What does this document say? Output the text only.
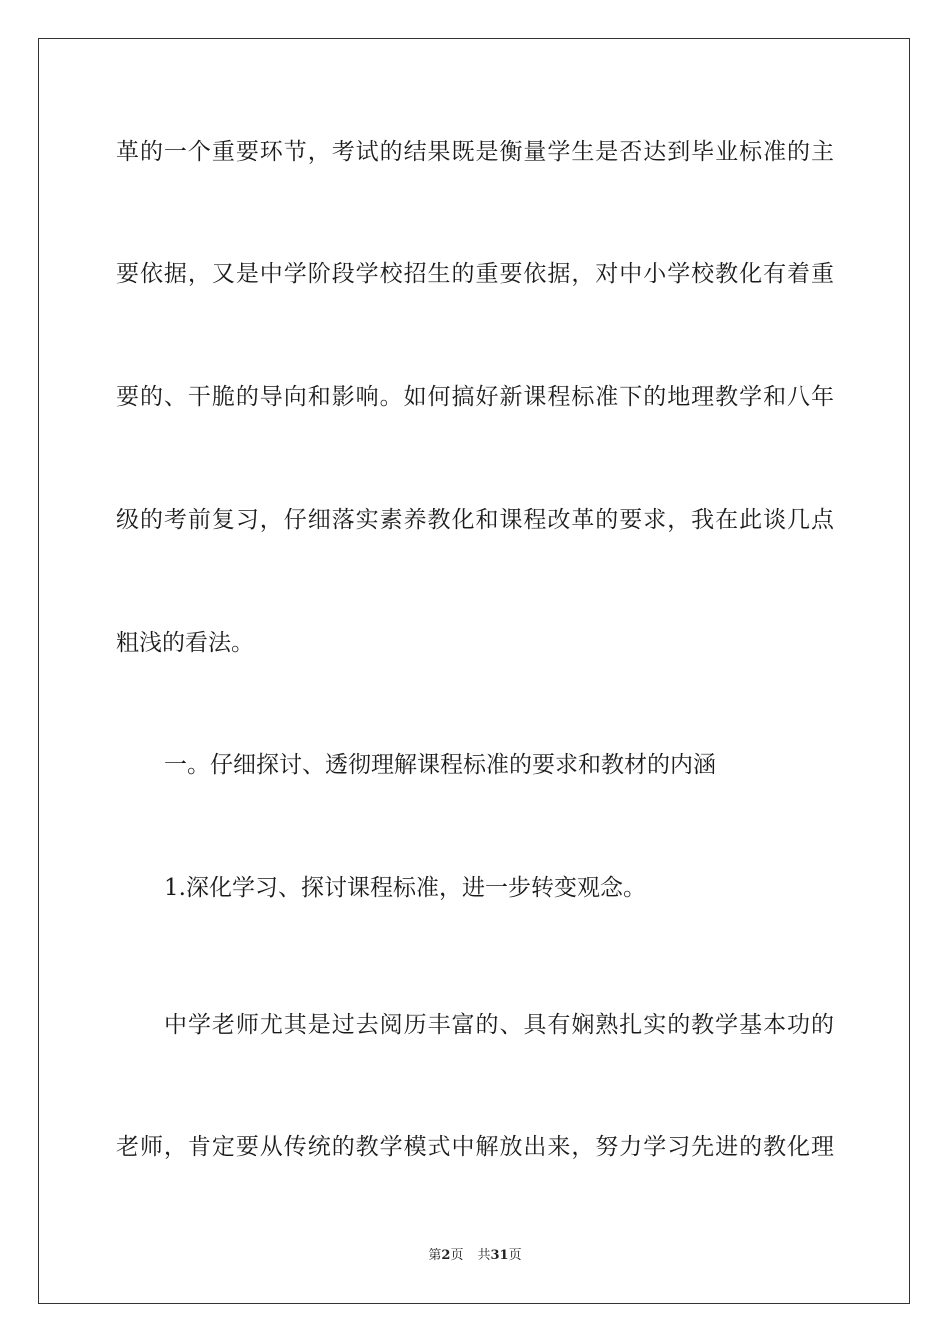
革的一个重要环节，考试的结果既是衡量学生是否达到毕业标准的主
要依据，又是中学阶段学校招生的重要依据，对中小学校教化有着重
要的、干脆的导向和影响。如何搞好新课程标准下的地理教学和八年
级的考前复习，仔细落实素养教化和课程改革的要求，我在此谈几点
粗浅的看法。
一。仔细探讨、透彻理解课程标准的要求和教材的内涵
1.深化学习、探讨课程标准，进一步转变观念。
中学老师尤其是过去阅历丰富的、具有娴熟扎实的教学基本功的
老师，肯定要从传统的教学模式中解放出来，努力学习先进的教化理
第2页 共31页
